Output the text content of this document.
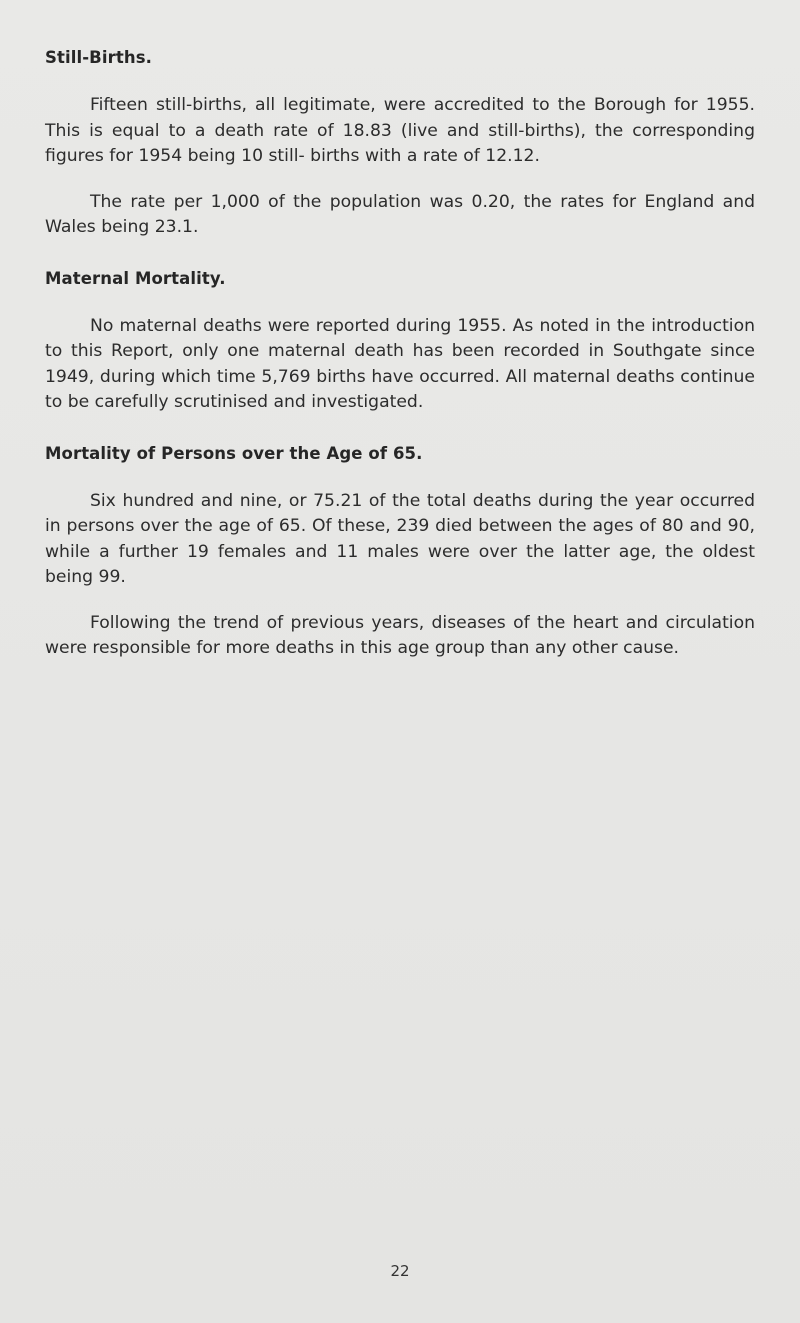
Still-Births.

Fifteen still-births, all legitimate, were accredited to the Borough for 1955. This is equal to a death rate of 18.83 (live and still-births), the corresponding figures for 1954 being 10 still- births with a rate of 12.12.

The rate per 1,000 of the population was 0.20, the rates for England and Wales being 23.1.

Maternal Mortality.

No maternal deaths were reported during 1955. As noted in the introduction to this Report, only one maternal death has been recorded in Southgate since 1949, during which time 5,769 births have occurred. All maternal deaths continue to be carefully scrutinised and investigated.

Mortality of Persons over the Age of 65.

Six hundred and nine, or 75.21 of the total deaths during the year occurred in persons over the age of 65. Of these, 239 died between the ages of 80 and 90, while a further 19 females and 11 males were over the latter age, the oldest being 99.

Following the trend of previous years, diseases of the heart and circulation were responsible for more deaths in this age group than any other cause.

22
